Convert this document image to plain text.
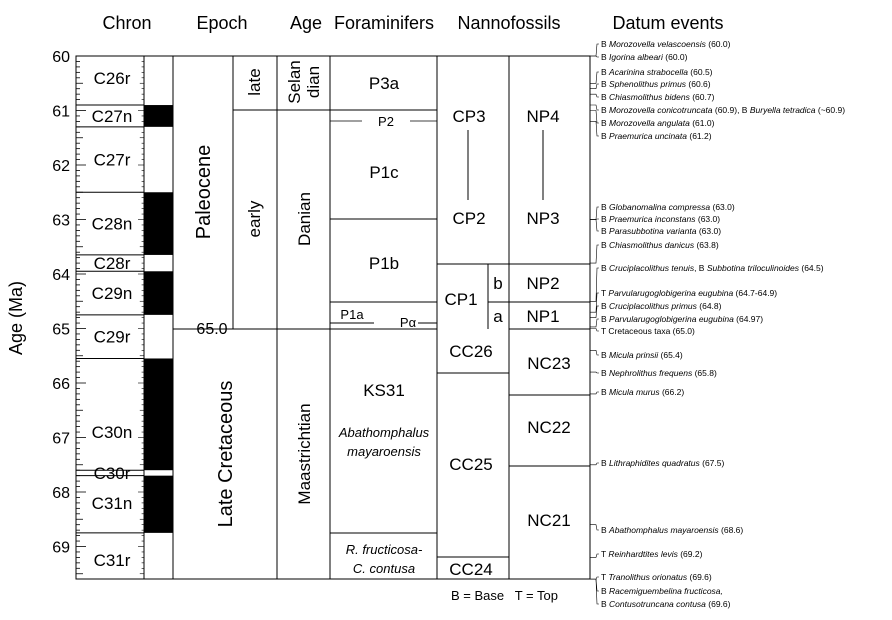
Chron Epoch Age Foraminifers Nannofossils	Datum events
Age (Ma)
60
61
62
63
64
65
66
67
68
69
C26r
C27n
C27r
C28n
C28r
C29n
C29r
C30n
C30r
C31n
C31r
Paleocene
Late Cretaceous
late
early
65.0
Selan dian
Danian
Maastrichtian
P3a
P2
P1c
P1b
P1a
Pα
KS31
Abathomphalus
mayaroensis
R. fructicosa-
C. contusa
CP3
CP2
CP1
b
a
CC26
CC25
CC24
NP4
NP3
NP2
NP1
NC23
NC22
NC21
B = Base   T = Top
B Morozovella velascoensis (60.0)
B Igorina albeari (60.0)
B Acarinina strabocella (60.5)
B Sphenolithus primus (60.6)
B Chiasmolithus bidens (60.7)
B Morozovella conicotruncata (60.9), B Buryella tetradica (~60.9)
B Morozovella angulata (61.0)
B Praemurica uncinata (61.2)
B Globanomalina compressa (63.0)
B Praemurica inconstans (63.0)
B Parasubbotina varianta (63.0)
B Chiasmolithus danicus (63.8)
B Cruciplacolithus tenuis, B Subbotina triloculinoides (64.5)
T Parvularugoglobigerina eugubina (64.7-64.9)
B Cruciplacolithus primus (64.8)
B Parvularugoglobigerina eugubina (64.97)
T Cretaceous taxa (65.0)
B Micula prinsii (65.4)
B Nephrolithus frequens (65.8)
B Micula murus (66.2)
B Lithraphidites quadratus (67.5)
B Abathomphalus mayaroensis (68.6)
T Reinhardtites levis (69.2)
T Tranolithus orionatus (69.6)
B Racemiguembelina fructicosa,
B Contusotruncana contusa (69.6)
